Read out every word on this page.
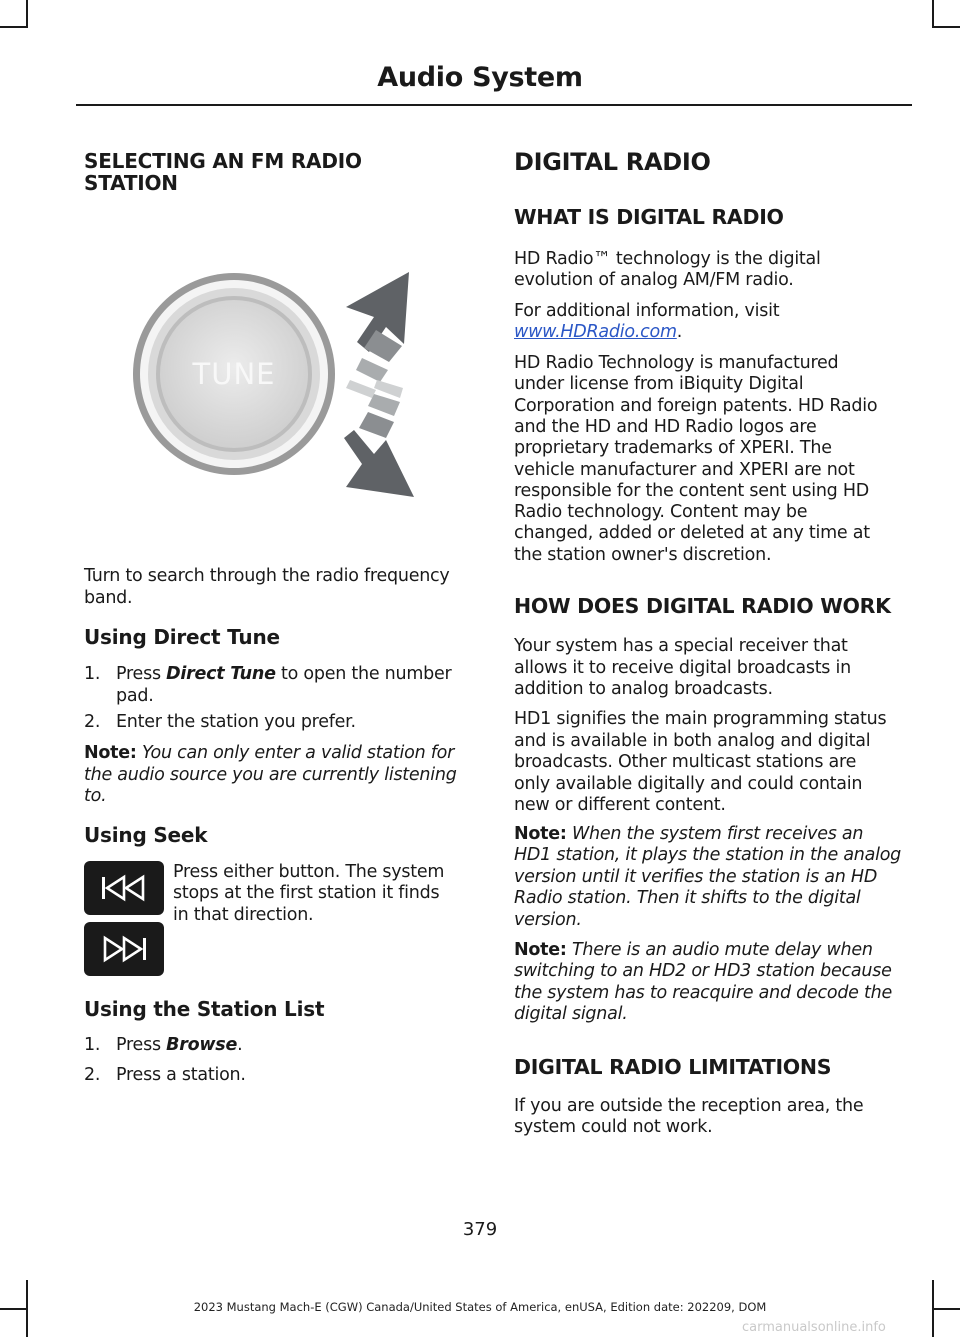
Audio System
SELECTING AN FM RADIO
STATION
TUNE
Turn to search through the radio frequency
band.
Using Direct Tune
1. Press Direct Tune to open the number
pad.
2. Enter the station you prefer.
Note: You can only enter a valid station for
the audio source you are currently listening
to.
Using Seek
Press either button. The system
stops at the first station it finds
in that direction.
Using the Station List
1. Press Browse.
2. Press a station.
DIGITAL RADIO
WHAT IS DIGITAL RADIO
HD Radio™ technology is the digital
evolution of analog AM/FM radio.
For additional information, visit
www.HDRadio.com.
HD Radio Technology is manufactured
under license from iBiquity Digital
Corporation and foreign patents. HD Radio
and the HD and HD Radio logos are
proprietary trademarks of XPERI. The
vehicle manufacturer and XPERI are not
responsible for the content sent using HD
Radio technology. Content may be
changed, added or deleted at any time at
the station owner's discretion.
HOW DOES DIGITAL RADIO WORK
Your system has a special receiver that
allows it to receive digital broadcasts in
addition to analog broadcasts.
HD1 signifies the main programming status
and is available in both analog and digital
broadcasts. Other multicast stations are
only available digitally and could contain
new or different content.
Note: When the system first receives an
HD1 station, it plays the station in the analog
version until it verifies the station is an HD
Radio station. Then it shifts to the digital
version.
Note: There is an audio mute delay when
switching to an HD2 or HD3 station because
the system has to reacquire and decode the
digital signal.
DIGITAL RADIO LIMITATIONS
If you are outside the reception area, the
system could not work.
379
2023 Mustang Mach-E (CGW) Canada/United States of America, enUSA, Edition date: 202209, DOM
carmanualsonline.info
